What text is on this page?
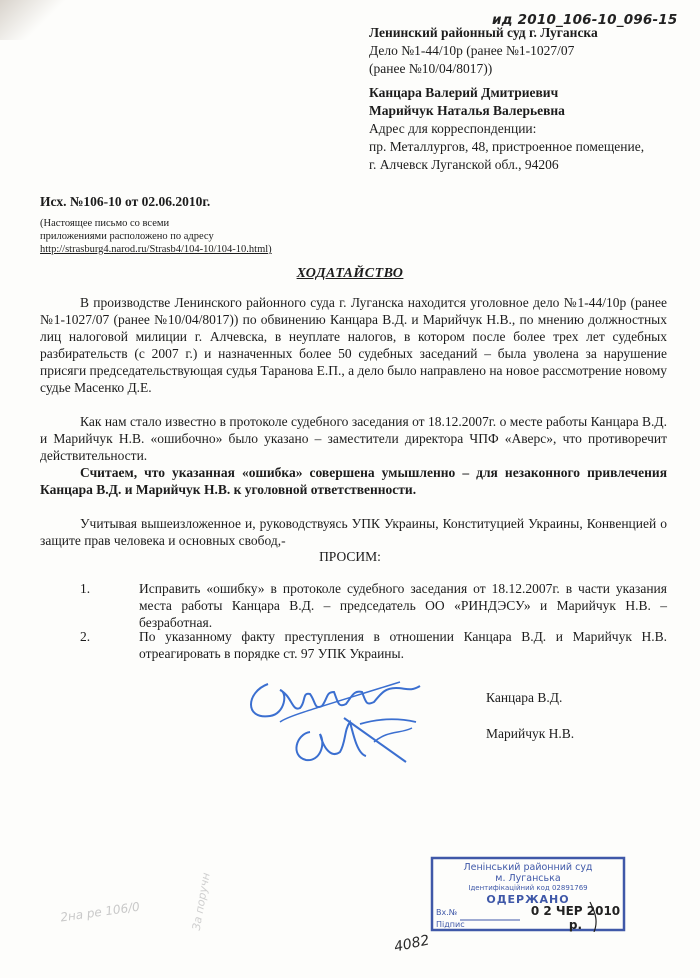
ид 2010_106-10_096-15
Ленинский районный суд г. Луганска
Дело №1-44/10р (ранее №1-1027/07
(ранее №10/04/8017))
Канцара Валерий Дмитриевич
Марийчук Наталья Валерьевна
Адрес для корреспонденции:
пр. Металлургов, 48, пристроенное помещение,
г. Алчевск Луганской обл., 94206
Исх. №106-10 от 02.06.2010г.
(Настоящее письмо со всеми
приложениями расположено по адресу
http://strasburg4.narod.ru/Strasb4/104-10/104-10.html)
ХОДАТАЙСТВО

В производстве Ленинского районного суда г. Луганска находится уголовное дело №1-44/10р (ранее №1-1027/07 (ранее №10/04/8017)) по обвинению Канцара В.Д. и Марийчук Н.В., по мнению должностных лиц налоговой милиции г. Алчевска, в неуплате налогов, в котором после более трех лет судебных разбирательств (с 2007 г.) и назначенных более 50 судебных заседаний – была уволена за нарушение присяги председательствующая судья Таранова Е.П., а дело было направлено на новое рассмотрение новому судье Масенко Д.Е.

Как нам стало известно в протоколе судебного заседания от 18.12.2007г. о месте работы Канцара В.Д. и Марийчук Н.В. «ошибочно» было указано – заместители директора ЧПФ «Аверс», что противоречит действительности.

Считаем, что указанная «ошибка» совершена умышленно – для незаконного привлечения Канцара В.Д. и Марийчук Н.В. к уголовной ответственности.

Учитывая вышеизложенное и, руководствуясь УПК Украины, Конституцией Украины, Конвенцией о защите прав человека и основных свобод,-

ПРОСИМ:
1.	Исправить «ошибку» в протоколе судебного заседания от 18.12.2007г. в части указания места работы Канцара В.Д. – председатель ОО «РИНДЭСУ» и Марийчук Н.В. – безработная.
2.	По указанному факту преступления в отношении Канцара В.Д. и Марийчук Н.В. отреагировать в порядке ст. 97 УПК Украины.
Канцара В.Д.
Марийчук Н.В.
Ленінський районний суд
м. Луганська
Ідентифікаційний код 02891769
ОДЕРЖАНО
Вх.№
Підпис
0 2 ЧЕР 2010 р.
2на ре 106/0	За поручн
4082
